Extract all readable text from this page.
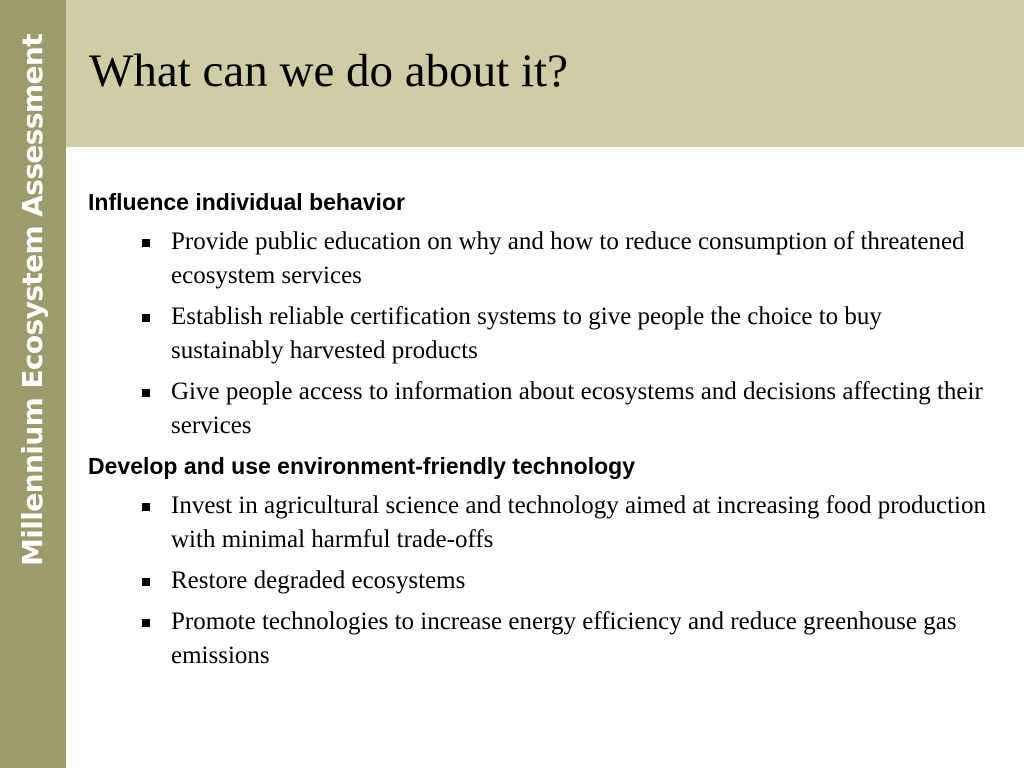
Millennium Ecosystem Assessment What can we do about it?
Influence individual behavior
Provide public education on why and how to reduce consumption of threatened ecosystem services
Establish reliable certification systems to give people the choice to buy sustainably harvested products
Give people access to information about ecosystems and decisions affecting their services
Develop and use environment-friendly technology
Invest in agricultural science and technology aimed at increasing food production with minimal harmful trade-offs
Restore degraded ecosystems
Promote technologies to increase energy efficiency and reduce greenhouse gas emissions
